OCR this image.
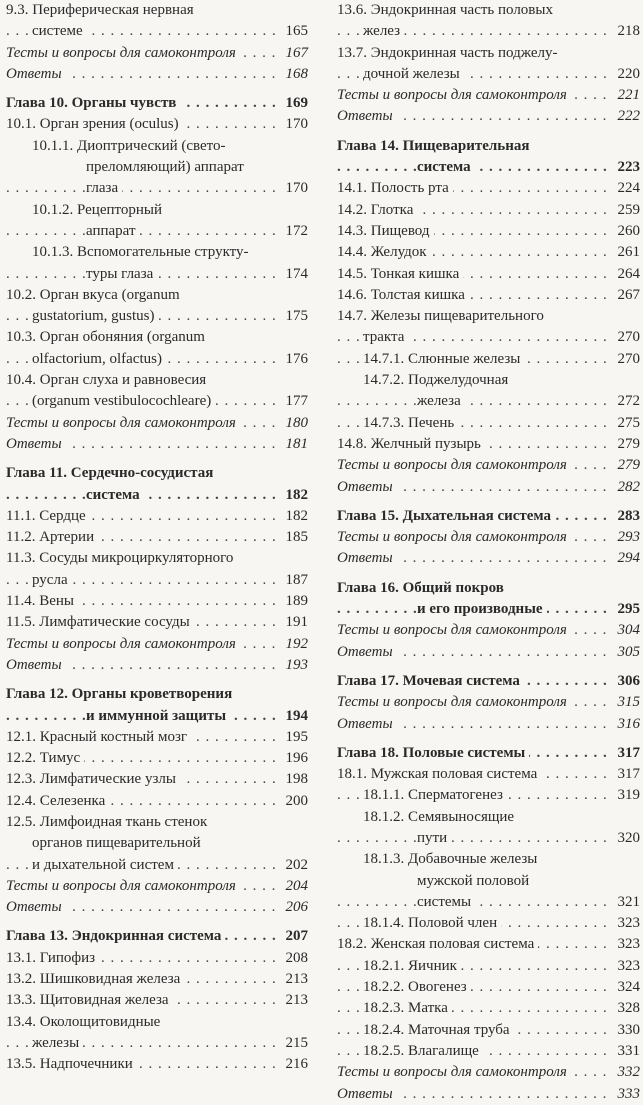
9.3. Периферическая нервная
. . .
системе	165
. . .
Тесты и вопросы для самоконтроля	167
. . .
Ответы	168
. . .
Глава 10. Органы чувств	169
. . .
10.1. Орган зрения (oculus)	170
10.1.1. Диоптрический (свето-
преломляющий) аппарат
. . .
глаза	170
10.1.2. Рецепторный
. . .
аппарат	172
10.1.3. Вспомогательные структу-
. . .
туры глаза	174
10.2. Орган вкуса (organum
. . .
gustatorium, gustus)	175
10.3. Орган обоняния (organum
. . .
olfactorium, olfactus)	176
10.4. Орган слуха и равновесия
. . .
(organum vestibulocochleare)	177
. . .
Тесты и вопросы для самоконтроля	180
. . .
Ответы	181
Глава 11. Сердечно-сосудистая
. . .
система	182
. . .
11.1. Сердце	182
. . .
11.2. Артерии	185
11.3. Сосуды микроциркуляторного
. . .
русла	187
. . .
11.4. Вены	189
. . .
11.5. Лимфатические сосуды	191
. . .
Тесты и вопросы для самоконтроля	192
. . .
Ответы	193
Глава 12. Органы кроветворения
. . .
и иммунной защиты	194
. . .
12.1. Красный костный мозг	195
. . .
12.2. Тимус	196
. . .
12.3. Лимфатические узлы	198
. . .
12.4. Селезенка	200
12.5. Лимфоидная ткань стенок
органов пищеварительной
. . .
и дыхательной систем	202
. . .
Тесты и вопросы для самоконтроля	204
. . .
Ответы	206
. . .
Глава 13. Эндокринная система	207
. . .
13.1. Гипофиз	208
. . .
13.2. Шишковидная железа	213
. . .
13.3. Щитовидная железа	213
13.4. Околощитовидные
. . .
железы	215
. . .
13.5. Надпочечники	216
13.6. Эндокринная часть половых
. . .
желез	218
13.7. Эндокринная часть поджелу-
. . .
дочной железы	220
. . .
Тесты и вопросы для самоконтроля	221
. . .
Ответы	222
Глава 14. Пищеварительная
. . .
система	223
. . .
14.1. Полость рта	224
. . .
14.2. Глотка	259
. . .
14.3. Пищевод	260
. . .
14.4. Желудок	261
. . .
14.5. Тонкая кишка	264
. . .
14.6. Толстая кишка	267
14.7. Железы пищеварительного
. . .
тракта	270
. . .
14.7.1. Слюнные железы	270
14.7.2. Поджелудочная
. . .
железа	272
. . .
14.7.3. Печень	275
. . .
14.8. Желчный пузырь	279
. . .
Тесты и вопросы для самоконтроля	279
. . .
Ответы	282
. . .
Глава 15. Дыхательная система	283
. . .
Тесты и вопросы для самоконтроля	293
. . .
Ответы	294
Глава 16. Общий покров
. . .
и его производные	295
. . .
Тесты и вопросы для самоконтроля	304
. . .
Ответы	305
. . .
Глава 17. Мочевая система	306
. . .
Тесты и вопросы для самоконтроля	315
. . .
Ответы	316
. . .
Глава 18. Половые системы	317
. . .
18.1. Мужская половая система	317
. . .
18.1.1. Сперматогенез	319
18.1.2. Семявыносящие
. . .
пути	320
18.1.3. Добавочные железы
мужской половой
. . .
системы	321
. . .
18.1.4. Половой член	323
. . .
18.2. Женская половая система	323
. . .
18.2.1. Яичник	323
. . .
18.2.2. Овогенез	324
. . .
18.2.3. Матка	328
. . .
18.2.4. Маточная труба	330
. . .
18.2.5. Влагалище	331
. . .
Тесты и вопросы для самоконтроля	332
. . .
Ответы	333
